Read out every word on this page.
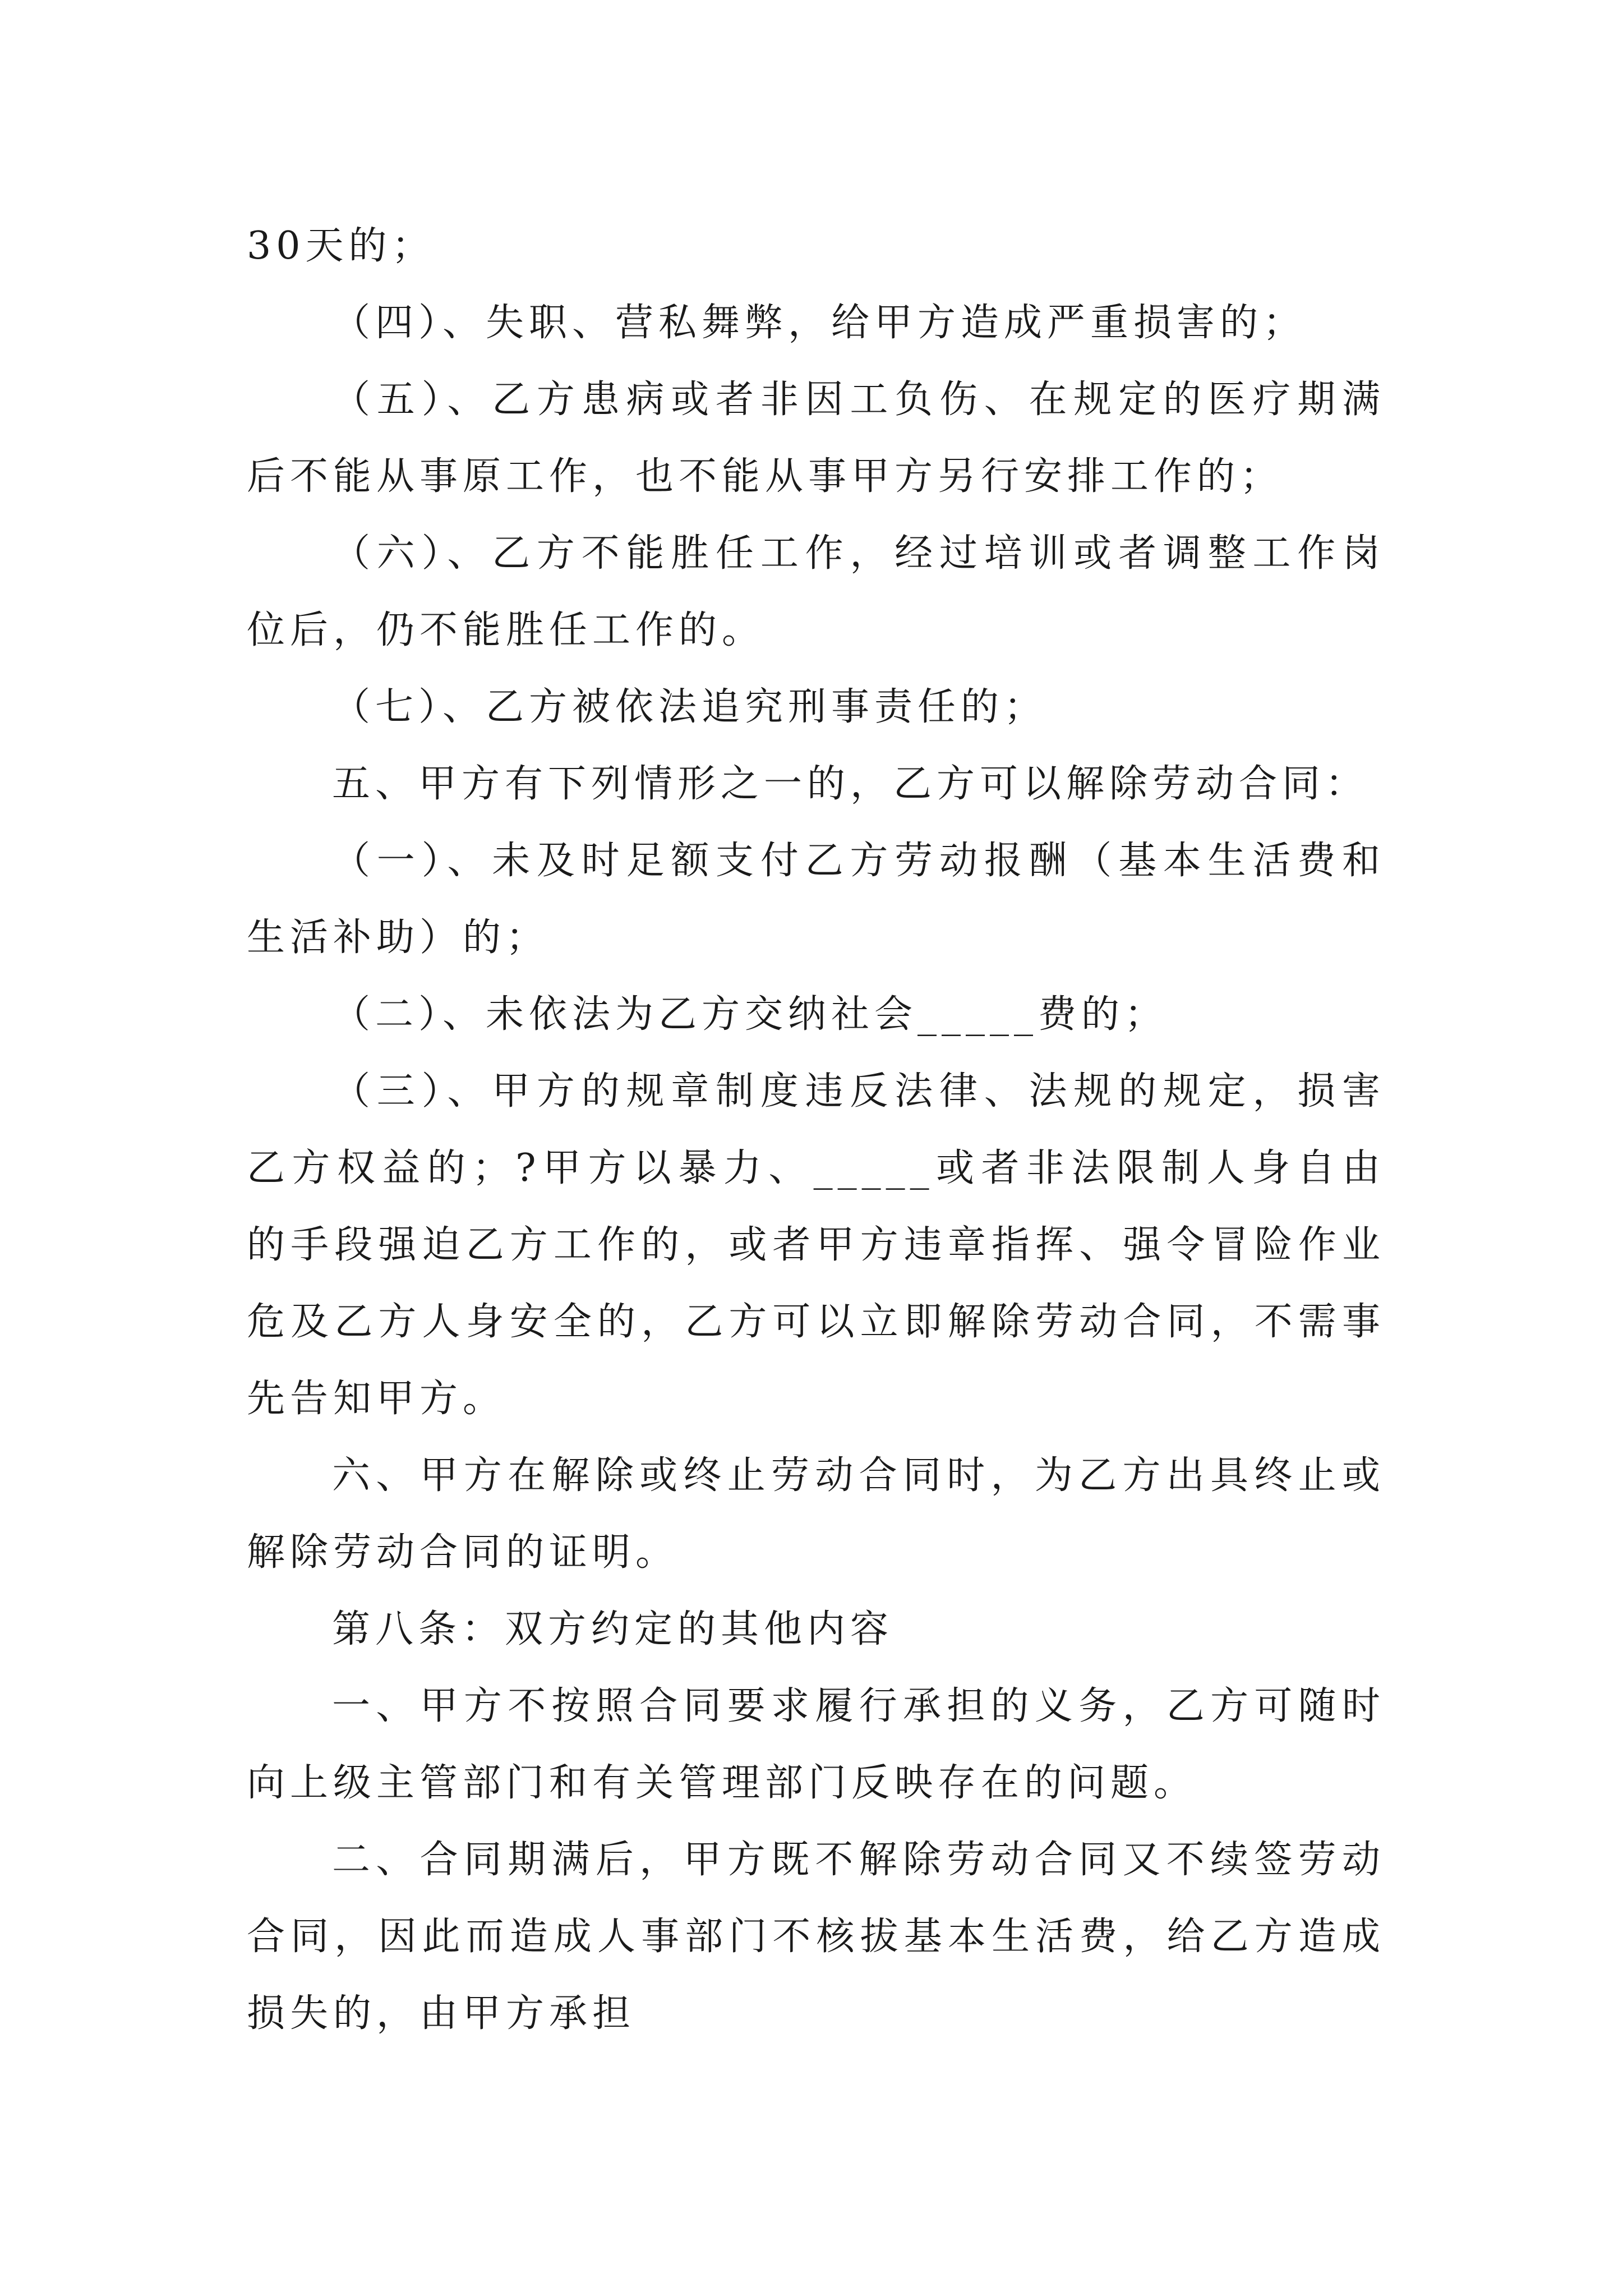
30天的；

（四）、失职、营私舞弊，给甲方造成严重损害的；

（五）、乙方患病或者非因工负伤、在规定的医疗期满后不能从事原工作，也不能从事甲方另行安排工作的；

（六）、乙方不能胜任工作，经过培训或者调整工作岗位后，仍不能胜任工作的。

（七）、乙方被依法追究刑事责任的；

五、甲方有下列情形之一的，乙方可以解除劳动合同：

（一）、未及时足额支付乙方劳动报酬（基本生活费和生活补助）的；

（二）、未依法为乙方交纳社会_____费的；

（三）、甲方的规章制度违反法律、法规的规定，损害乙方权益的；?甲方以暴力、_____或者非法限制人身自由的手段强迫乙方工作的，或者甲方违章指挥、强令冒险作业危及乙方人身安全的，乙方可以立即解除劳动合同，不需事先告知甲方。

六、甲方在解除或终止劳动合同时，为乙方出具终止或解除劳动合同的证明。

第八条：双方约定的其他内容

一、甲方不按照合同要求履行承担的义务，乙方可随时向上级主管部门和有关管理部门反映存在的问题。

二、合同期满后，甲方既不解除劳动合同又不续签劳动合同，因此而造成人事部门不核拔基本生活费，给乙方造成损失的，由甲方承担
